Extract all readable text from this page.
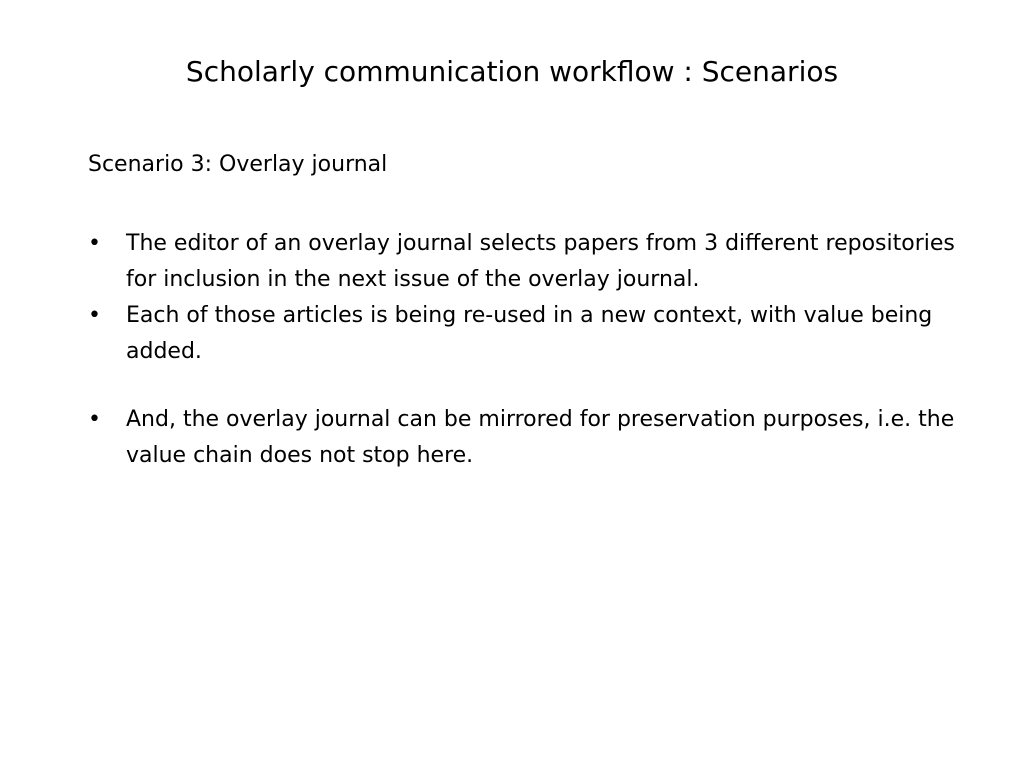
Scholarly communication workflow : Scenarios
Scenario 3: Overlay journal
• The editor of an overlay journal selects papers from 3 different repositories for inclusion in the next issue of the overlay journal.
• Each of those articles is being re-used in a new context, with value being added.
• And, the overlay journal can be mirrored for preservation purposes, i.e. the value chain does not stop here.
